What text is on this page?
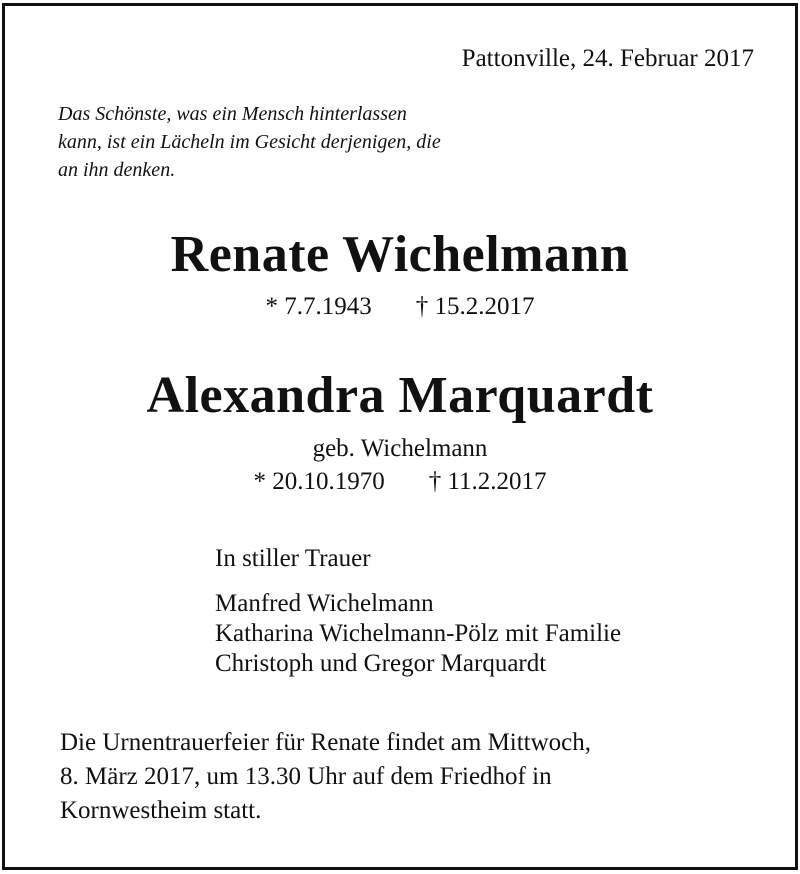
Pattonville, 24. Februar 2017
Das Schönste, was ein Mensch hinterlassen
kann, ist ein Lächeln im Gesicht derjenigen, die
an ihn denken.
Renate Wichelmann
* 7.7.1943 † 15.2.2017
Alexandra Marquardt
geb. Wichelmann
* 20.10.1970 † 11.2.2017
In stiller Trauer
Manfred Wichelmann
Katharina Wichelmann-Pölz mit Familie
Christoph und Gregor Marquardt
Die Urnentrauerfeier für Renate findet am Mittwoch,
8. März 2017, um 13.30 Uhr auf dem Friedhof in
Kornwestheim statt.
